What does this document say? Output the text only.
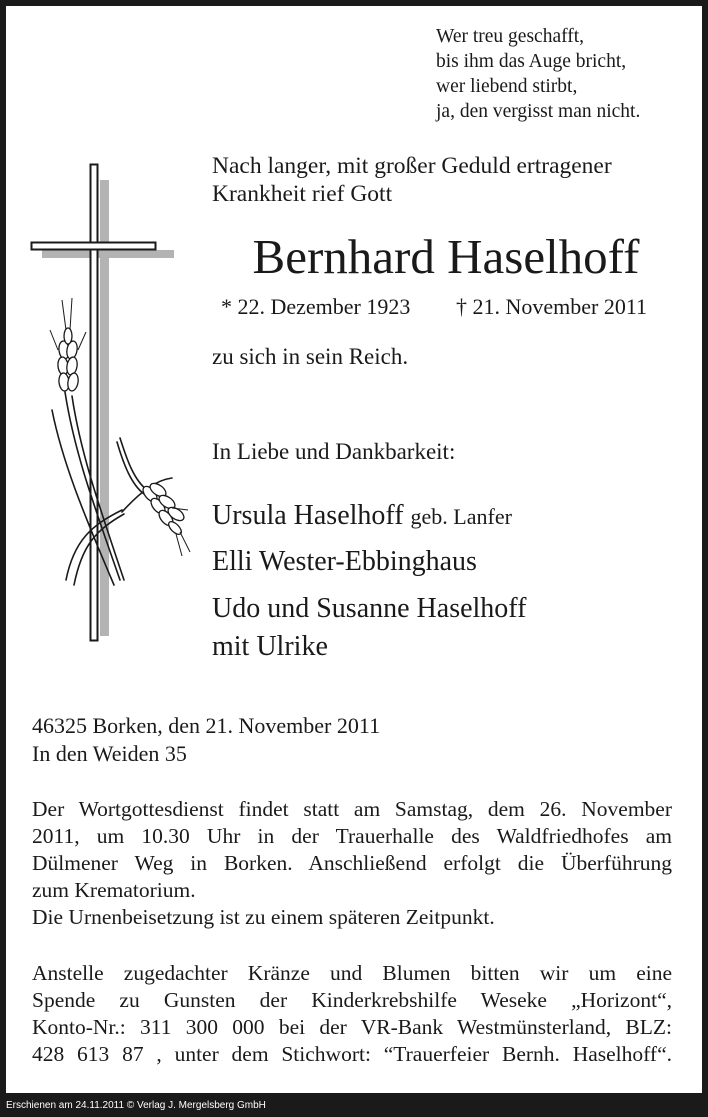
Wer treu geschafft,
bis ihm das Auge bricht,
wer liebend stirbt,
ja, den vergisst man nicht.
Nach langer, mit großer Geduld ertragener
Krankheit rief Gott
Bernhard Haselhoff
* 22. Dezember 1923 † 21. November 2011
zu sich in sein Reich.
In Liebe und Dankbarkeit:
Ursula Haselhoff geb. Lanfer
Elli Wester-Ebbinghaus
Udo und Susanne Haselhoff
mit Ulrike
46325 Borken, den 21. November 2011
In den Weiden 35
Der Wortgottesdienst findet statt am Samstag, dem 26. November
2011, um 10.30 Uhr in der Trauerhalle des Waldfriedhofes am
Dülmener Weg in Borken. Anschließend erfolgt die Überführung
zum Krematorium.
Die Urnenbeisetzung ist zu einem späteren Zeitpunkt.
Anstelle zugedachter Kränze und Blumen bitten wir um eine
Spende zu Gunsten der Kinderkrebshilfe Weseke „Horizont“,
Konto-Nr.: 311 300 000 bei der VR-Bank Westmünsterland, BLZ:
428 613 87 , unter dem Stichwort: “Trauerfeier Bernh. Haselhoff“.
Erschienen am 24.11.2011 © Verlag J. Mergelsberg GmbH
